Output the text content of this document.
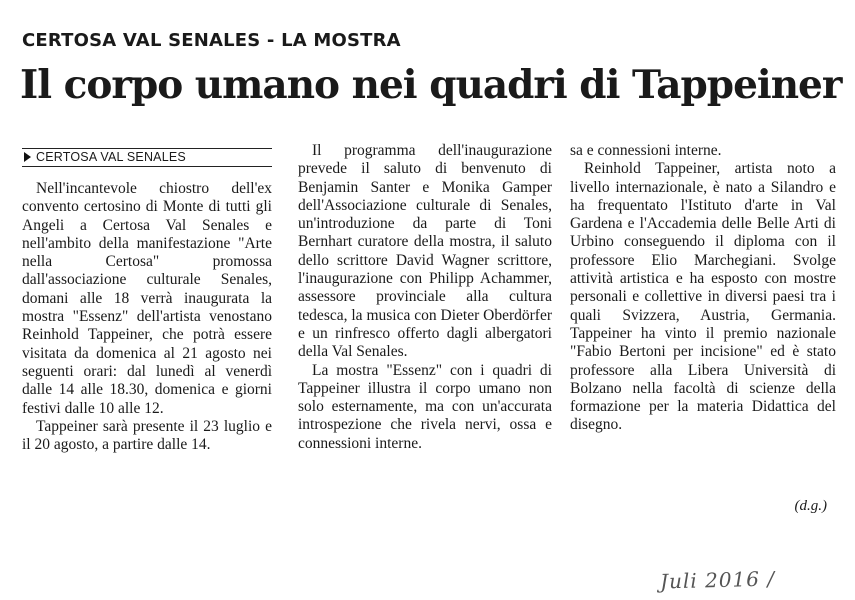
CERTOSA VAL SENALES - LA MOSTRA
Il corpo umano nei quadri di Tappeiner
CERTOSA VAL SENALES

Nell'incantevole chiostro dell'ex convento certosino di Monte di tutti gli Angeli a Certosa Val Senales e nell'ambito della manifestazione "Arte nella Certosa" promossa dall'associazione culturale Senales, domani alle 18 verrà inaugurata la mostra "Essenz" dell'artista venostano Reinhold Tappeiner, che potrà essere visitata da domenica al 21 agosto nei seguenti orari: dal lunedì al venerdì dalle 14 alle 18.30, domenica e giorni festivi dalle 10 alle 12.

Tappeiner sarà presente il 23 luglio e il 20 agosto, a partire dalle 14.

Il programma dell'inaugurazione prevede il saluto di benvenuto di Benjamin Santer e Monika Gamper dell'Associazione culturale di Senales, un'introduzione da parte di Toni Bernhart curatore della mostra, il saluto dello scrittore David Wagner scrittore, l'inaugurazione con Philipp Achammer, assessore provinciale alla cultura tedesca, la musica con Dieter Oberdörfer e un rinfresco offerto dagli albergatori della Val Senales.

La mostra "Essenz" con i quadri di Tappeiner illustra il corpo umano non solo esternamente, ma con un'accurata introspezione che rivela nervi, ossa e connessioni interne.

sa e connessioni interne.

Reinhold Tappeiner, artista noto a livello internazionale, è nato a Silandro e ha frequentato l'Istituto d'arte in Val Gardena e l'Accademia delle Belle Arti di Urbino conseguendo il diploma con il professore Elio Marchegiani. Svolge attività artistica e ha esposto con mostre personali e collettive in diversi paesi tra i quali Svizzera, Austria, Germania. Tappeiner ha vinto il premio nazionale "Fabio Bertoni per incisione" ed è stato professore alla Libera Università di Bolzano nella facoltà di scienze della formazione per la materia Didattica del disegno.

(d.g.)
Juli 2016 /
